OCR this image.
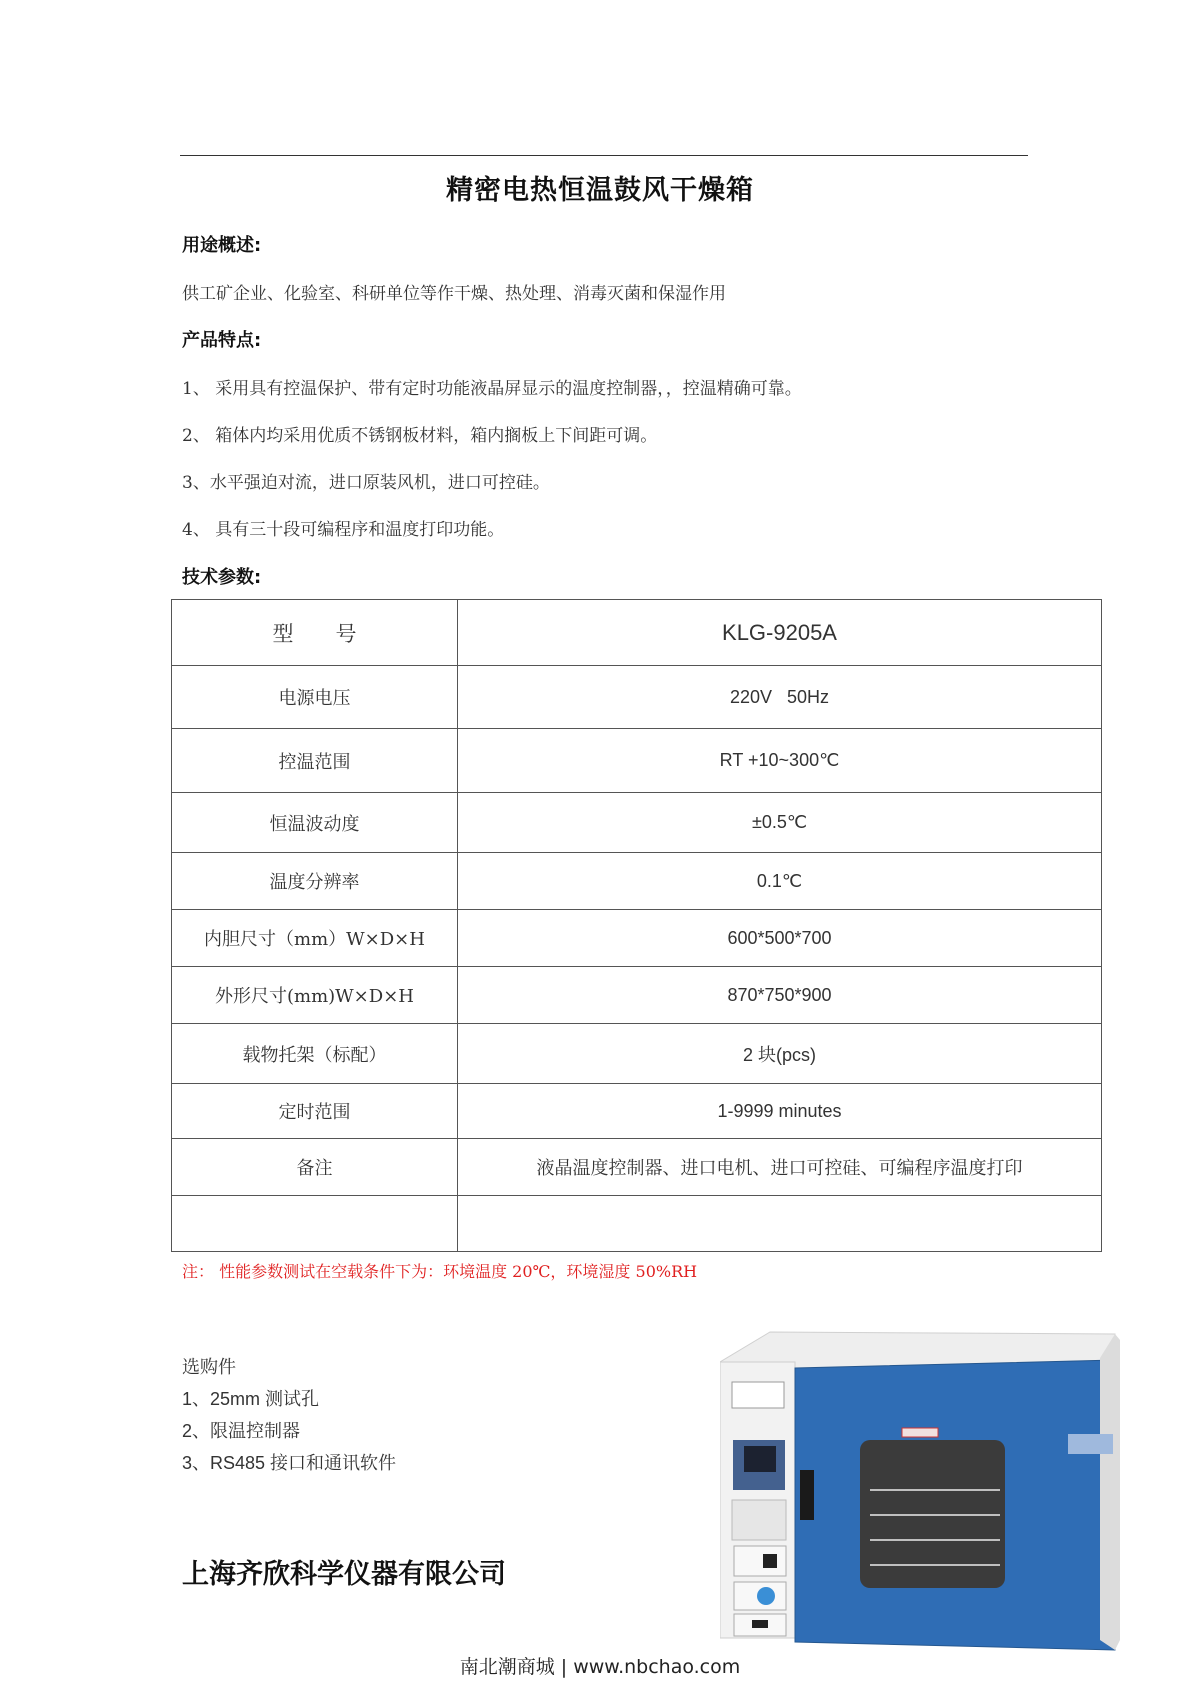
精密电热恒温鼓风干燥箱
用途概述:
供工矿企业、化验室、科研单位等作干燥、热处理、消毒灭菌和保湿作用
产品特点:
1、 采用具有控温保护、带有定时功能液晶屏显示的温度控制器，，控温精确可靠。
2、 箱体内均采用优质不锈钢板材料，箱内搁板上下间距可调。
3、水平强迫对流，进口原装风机，进口可控硅。
4、 具有三十段可编程序和温度打印功能。
技术参数:
型　　号	KLG-9205A
电源电压	220V   50Hz
控温范围	RT +10~300℃
恒温波动度	±0.5℃
温度分辨率	0.1℃
内胆尺寸（mm）W×D×H	600*500*700
外形尺寸(mm)W×D×H	870*750*900
载物托架（标配）	2 块(pcs)
定时范围	1-9999 minutes
备注	液晶温度控制器、进口电机、进口可控硅、可编程序温度打印

注： 性能参数测试在空载条件下为：环境温度 20℃，环境湿度 50%RH
选购件
1、25mm 测试孔
2、限温控制器
3、RS485 接口和通讯软件
上海齐欣科学仪器有限公司
南北潮商城 | www.nbchao.com
